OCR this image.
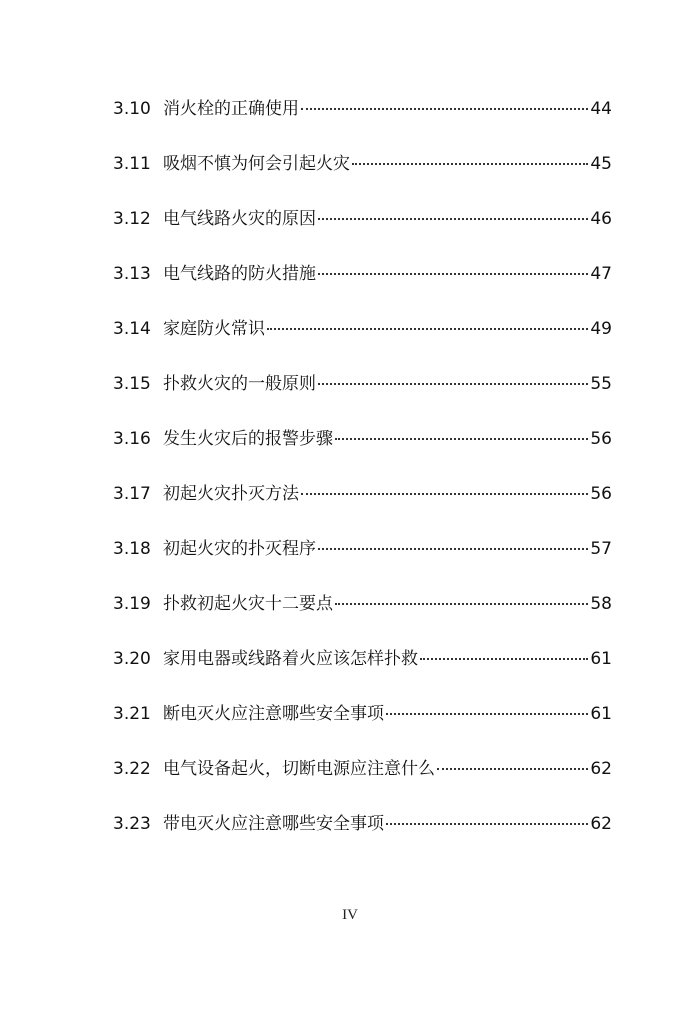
3.10 消火栓的正确使用	44
3.11 吸烟不慎为何会引起火灾	45
3.12 电气线路火灾的原因	46
3.13 电气线路的防火措施	47
3.14 家庭防火常识	49
3.15 扑救火灾的一般原则	55
3.16 发生火灾后的报警步骤	56
3.17 初起火灾扑灭方法	56
3.18 初起火灾的扑灭程序	57
3.19 扑救初起火灾十二要点	58
3.20 家用电器或线路着火应该怎样扑救	61
3.21 断电灭火应注意哪些安全事项	61
3.22 电气设备起火，切断电源应注意什么	62
3.23 带电灭火应注意哪些安全事项	62
IV
